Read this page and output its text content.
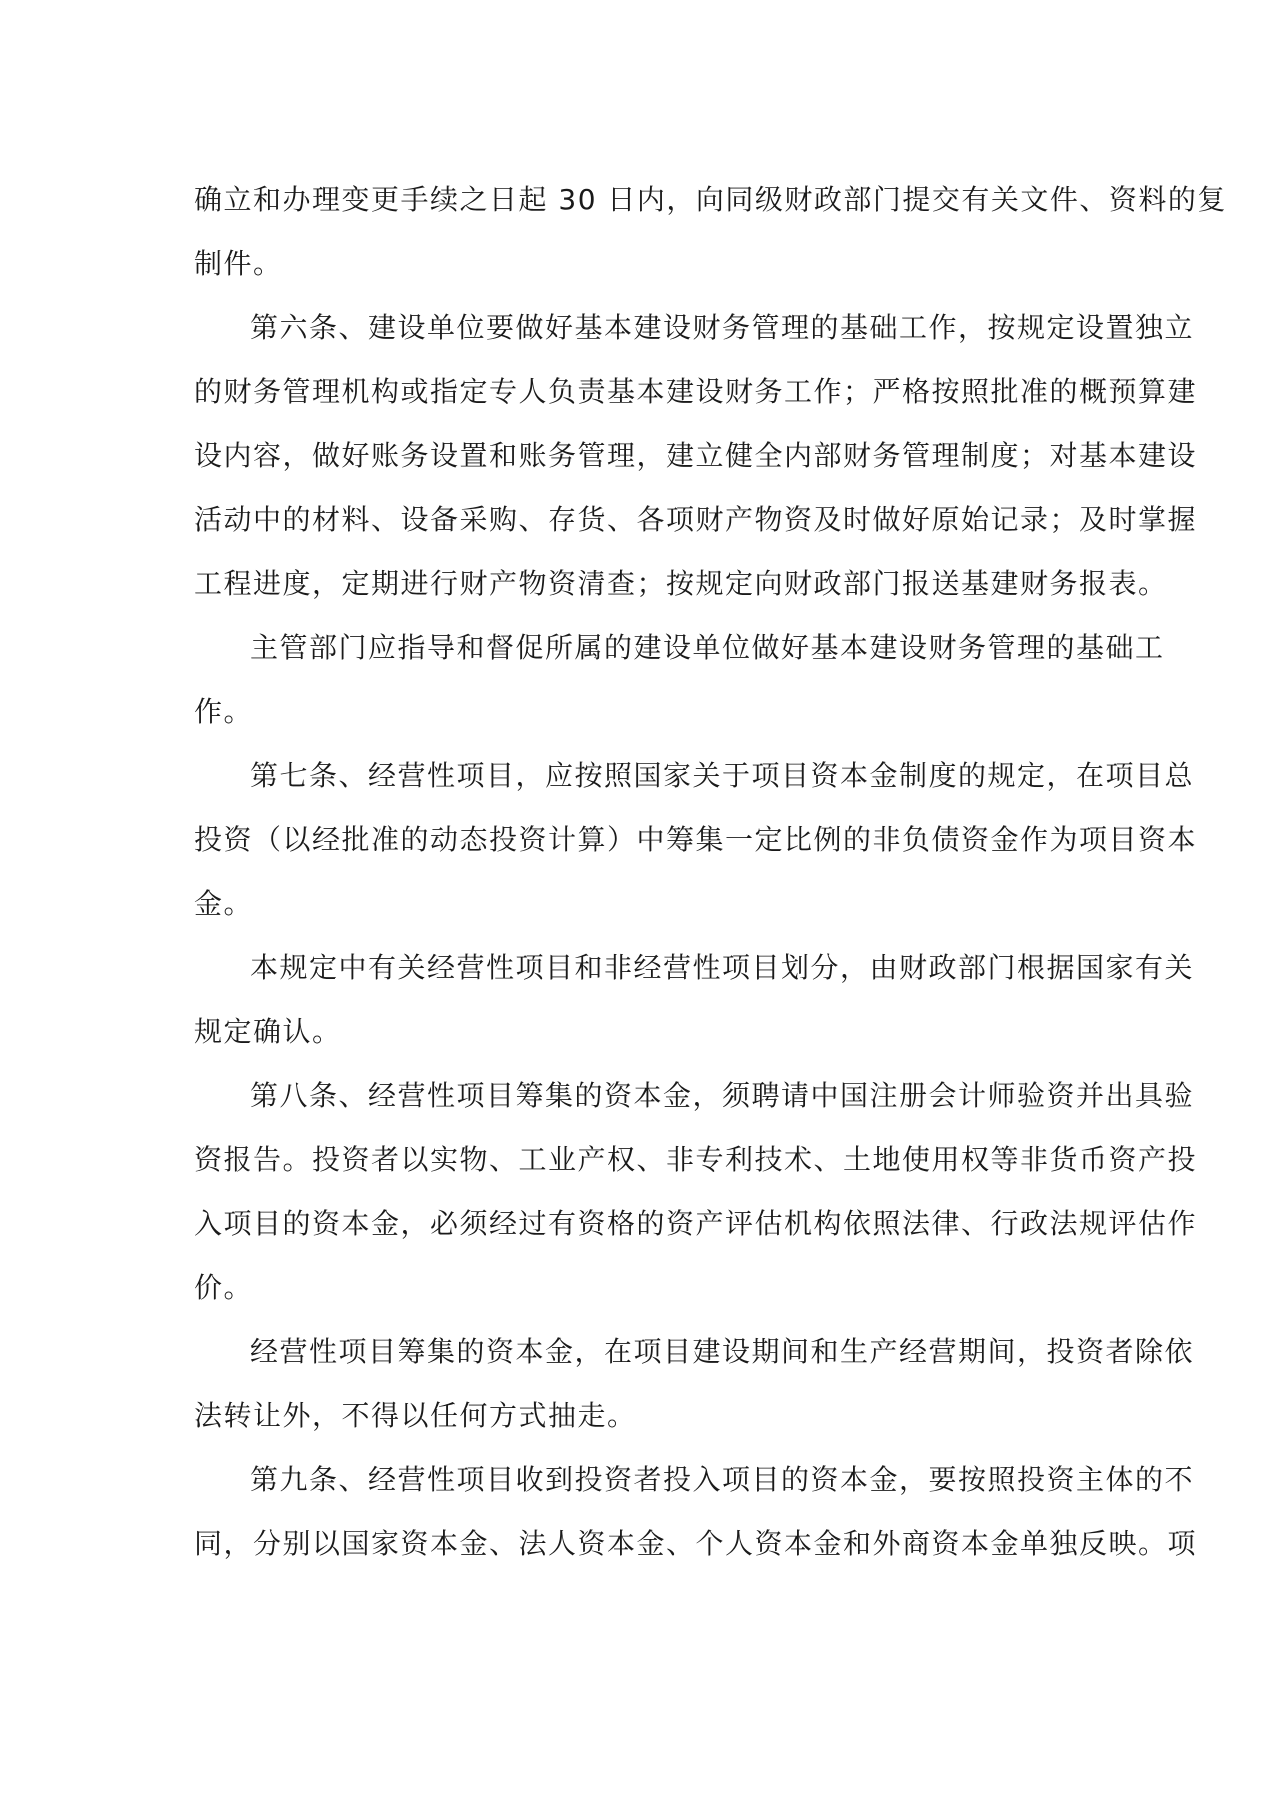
确立和办理变更手续之日起 30 日内，向同级财政部门提交有关文件、资料的复
制件。
第六条、建设单位要做好基本建设财务管理的基础工作，按规定设置独立
的财务管理机构或指定专人负责基本建设财务工作；严格按照批准的概预算建
设内容，做好账务设置和账务管理，建立健全内部财务管理制度；对基本建设
活动中的材料、设备采购、存货、各项财产物资及时做好原始记录；及时掌握
工程进度，定期进行财产物资清查；按规定向财政部门报送基建财务报表。
主管部门应指导和督促所属的建设单位做好基本建设财务管理的基础工
作。
第七条、经营性项目，应按照国家关于项目资本金制度的规定，在项目总
投资（以经批准的动态投资计算）中筹集一定比例的非负债资金作为项目资本
金。
本规定中有关经营性项目和非经营性项目划分，由财政部门根据国家有关
规定确认。
第八条、经营性项目筹集的资本金，须聘请中国注册会计师验资并出具验
资报告。投资者以实物、工业产权、非专利技术、土地使用权等非货币资产投
入项目的资本金，必须经过有资格的资产评估机构依照法律、行政法规评估作
价。
经营性项目筹集的资本金，在项目建设期间和生产经营期间，投资者除依
法转让外，不得以任何方式抽走。
第九条、经营性项目收到投资者投入项目的资本金，要按照投资主体的不
同，分别以国家资本金、法人资本金、个人资本金和外商资本金单独反映。项
